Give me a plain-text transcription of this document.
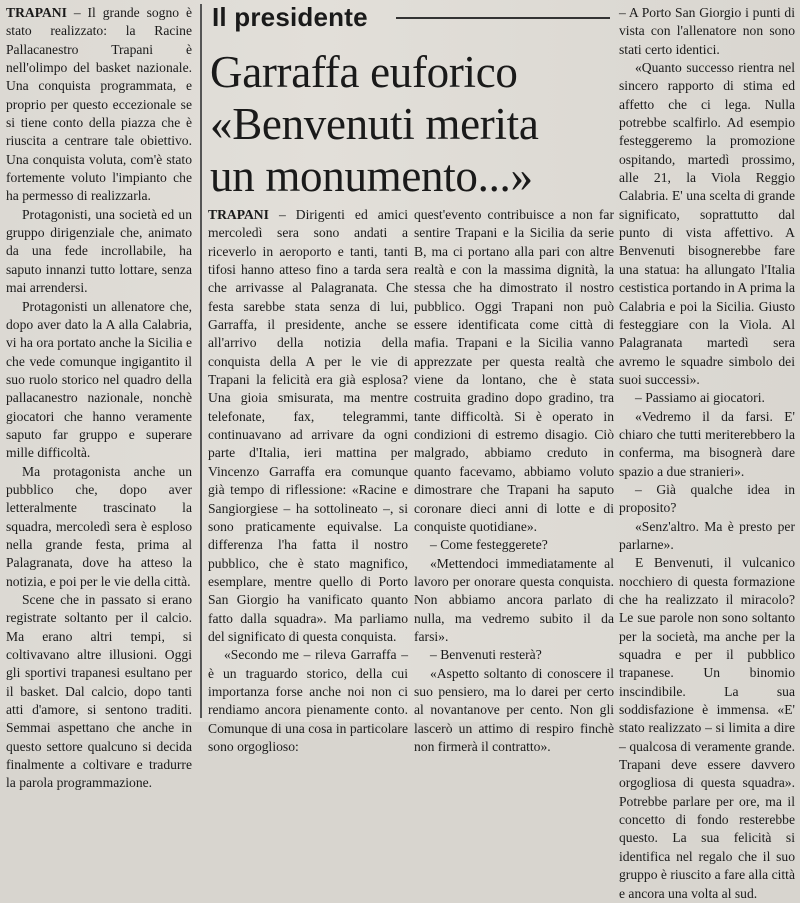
TRAPANI – Il grande sogno è stato realizzato: la Racine Pallacanestro Trapani è nell'olimpo del basket nazionale. Una conquista programmata, e proprio per questo eccezionale se si tiene conto della piazza che è riuscita a centrare tale obiettivo. Una conquista voluta, com'è stato fortemente voluto l'impianto che ha permesso di realizzarla.

Protagonisti, una società ed un gruppo dirigenziale che, animato da una fede incrollabile, ha saputo innanzi tutto lottare, senza mai arrendersi.

Protagonisti un allenatore che, dopo aver dato la A alla Calabria, vi ha ora portato anche la Sicilia e che vede comunque ingigantito il suo ruolo storico nel quadro della pallacanestro nazionale, nonchè giocatori che hanno veramente saputo far gruppo e superare mille difficoltà.

Ma protagonista anche un pubblico che, dopo aver letteralmente trascinato la squadra, mercoledì sera è esploso nella grande festa, prima al Palagranata, dove ha atteso la notizia, e poi per le vie della città.

Scene che in passato si erano registrate soltanto per il calcio. Ma erano altri tempi, si coltivavano altre illusioni. Oggi gli sportivi trapanesi esultano per il basket. Dal calcio, dopo tanti atti d'amore, si sentono traditi. Semmai aspettano che anche in questo settore qualcuno si decida finalmente a coltivare e tradurre la parola programmazione.

Il presidente
Garraffa euforico
«Benvenuti merita
un monumento...»

TRAPANI – Dirigenti ed amici mercoledì sera sono andati a riceverlo in aeroporto e tanti, tanti tifosi hanno atteso fino a tarda sera che arrivasse al Palagranata. Che festa sarebbe stata senza di lui, Garraffa, il presidente, anche se all'arrivo della notizia della conquista della A per le vie di Trapani la felicità era già esplosa? Una gioia smisurata, ma mentre telefonate, fax, telegrammi, continuavano ad arrivare da ogni parte d'Italia, ieri mattina per Vincenzo Garraffa era comunque già tempo di riflessione: «Racine e Sangiorgiese – ha sottolineato –, si sono praticamente equivalse. La differenza l'ha fatta il nostro pubblico, che è stato magnifico, esemplare, mentre quello di Porto San Giorgio ha vanificato quanto fatto dalla squadra». Ma parliamo del significato di questa conquista.

«Secondo me – rileva Garraffa – è un traguardo storico, della cui importanza forse anche noi non ci rendiamo ancora pienamente conto. Comunque di una cosa in particolare sono orgoglioso:

quest'evento contribuisce a non far sentire Trapani e la Sicilia da serie B, ma ci portano alla pari con altre realtà e con la massima dignità, la stessa che ha dimostrato il nostro pubblico. Oggi Trapani non può essere identificata come città di mafia. Trapani e la Sicilia vanno apprezzate per questa realtà che viene da lontano, che è stata costruita gradino dopo gradino, tra tante difficoltà. Si è operato in condizioni di estremo disagio. Ciò malgrado, abbiamo creduto in quanto facevamo, abbiamo voluto dimostrare che Trapani ha saputo coronare dieci anni di lotte e di conquiste quotidiane».

– Come festeggerete?

«Mettendoci immediatamente al lavoro per onorare questa conquista. Non abbiamo ancora parlato di nulla, ma vedremo subito il da farsi».

– Benvenuti resterà?

«Aspetto soltanto di conoscere il suo pensiero, ma lo darei per certo al novantanove per cento. Non gli lascerò un attimo di respiro finchè non firmerà il contratto».

– A Porto San Giorgio i punti di vista con l'allenatore non sono stati certo identici.

«Quanto successo rientra nel sincero rapporto di stima ed affetto che ci lega. Nulla potrebbe scalfirlo. Ad esempio festeggeremo la promozione ospitando, martedì prossimo, alle 21, la Viola Reggio Calabria. E' una scelta di grande significato, soprattutto dal punto di vista affettivo. A Benvenuti bisognerebbe fare una statua: ha allungato l'Italia cestistica portando in A prima la Calabria e poi la Sicilia. Giusto festeggiare con la Viola. Al Palagranata martedì sera avremo le squadre simbolo dei suoi successi».

– Passiamo ai giocatori.

«Vedremo il da farsi. E' chiaro che tutti meriterebbero la conferma, ma bisognerà dare spazio a due stranieri».

– Già qualche idea in proposito?

«Senz'altro. Ma è presto per parlarne».

E Benvenuti, il vulcanico nocchiero di questa formazione che ha realizzato il miracolo? Le sue parole non sono soltanto per la società, ma anche per la squadra e per il pubblico trapanese. Un binomio inscindibile. La sua soddisfazione è immensa. «E' stato realizzato – si limita a dire – qualcosa di veramente grande. Trapani deve essere davvero orgogliosa di questa squadra». Potrebbe parlare per ore, ma il concetto di fondo resterebbe questo. La sua felicità si identifica nel regalo che il suo gruppo è riuscito a fare alla città e ancora una volta al sud.
